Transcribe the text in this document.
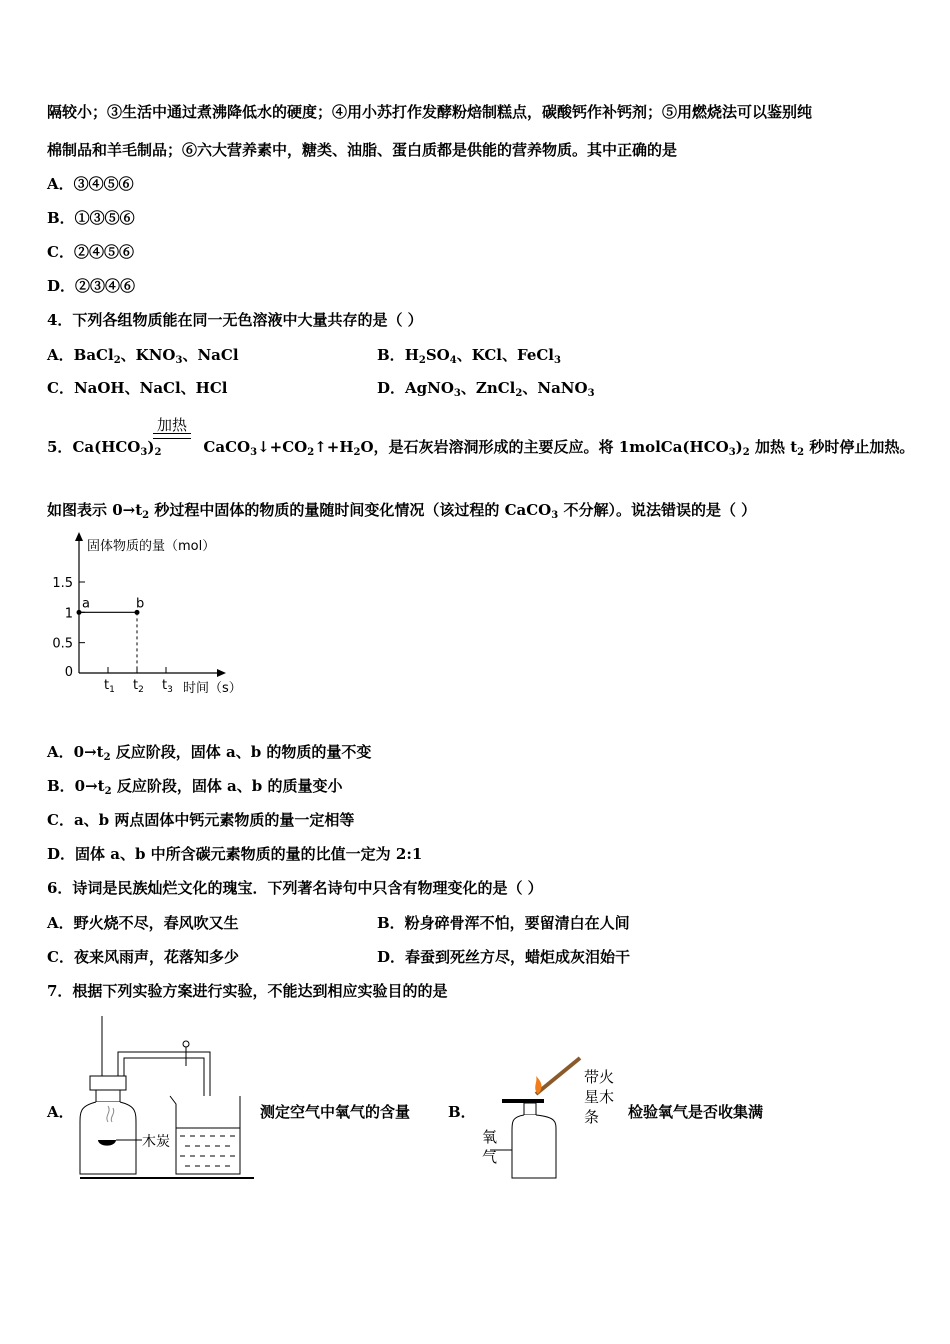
隔较小；③生活中通过煮沸降低水的硬度；④用小苏打作发酵粉焙制糕点，碳酸钙作补钙剂；⑤用燃烧法可以鉴别纯
棉制品和羊毛制品；⑥六大营养素中，糖类、油脂、蛋白质都是供能的营养物质。其中正确的是
A．③④⑤⑥
B．①③⑤⑥
C．②④⑤⑥
D．②③④⑥
4．下列各组物质能在同一无色溶液中大量共存的是（ ）
A．BaCl$_2$、$KNO_3$、NaCl	B．$H_2SO_4$、KCl、FeCl$_3$
C．NaOH、NaCl、HCl	D．AgNO$_3$、ZnCl$_2$、NaNO$_3$
加热
5．$Ca(HCO_3)_2$	$CaCO_3↓+CO_2↑+H_2O$，是石灰岩溶洞形成的主要反应。将 $1molCa(HCO_3)_2$ 加热 $t_2$ 秒时停止加热。
如图表示 $0\to t_2$ 秒过程中固体的物质的量随时间变化情况（该过程的 CaCO$_3$ 不分解）。说法错误的是（ ）
固体物质的量（mol）
时间（s）
1.5
1
0.5
0
$t_1$ $t_2$ $t_3$
a	b
A．$0\to t_2$ 反应阶段，固体 a、b 的物质的量不变
B．$0\to t_2$ 反应阶段，固体 a、b 的质量变小
C．a、b 两点固体中钙元素物质的量一定相等
D．固体 a、b 中所含碳元素物质的量的比值一定为 2:1
6．诗词是民族灿烂文化的瑰宝．下列著名诗句中只含有物理变化的是（ ）
A．野火烧不尽，春风吹又生	B．粉身碎骨浑不怕，要留清白在人间
C．夜来风雨声，花落知多少	D．春蚕到死丝方尽，蜡炬成灰泪始干
7．根据下列实验方案进行实验，不能达到相应实验目的的是
A．	测定空气中氧气的含量	B．	检验氧气是否收集满
木炭
带火
星木
条
氧
气
